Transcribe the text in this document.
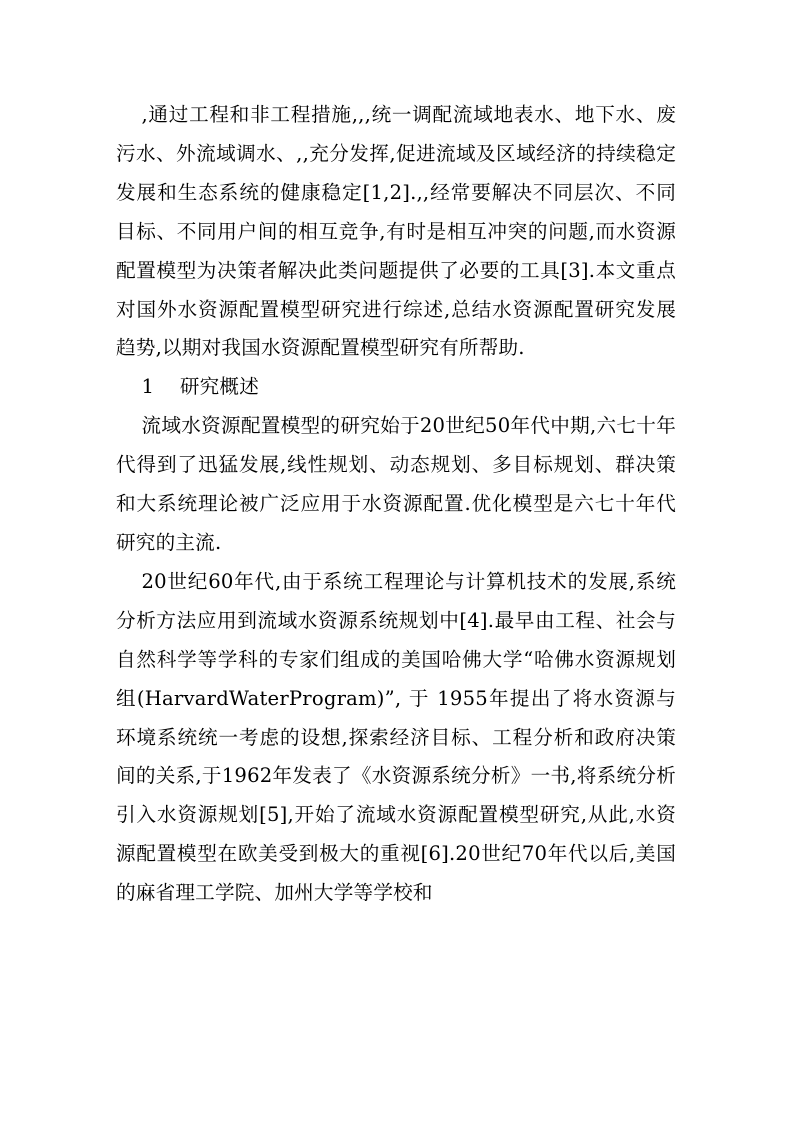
,通过工程和非工程措施,,,统一调配流域地表水、地下水、废污水、外流域调水、,,充分发挥,促进流域及区域经济的持续稳定发展和生态系统的健康稳定[1,2].,,经常要解决不同层次、不同目标、不同用户间的相互竞争,有时是相互冲突的问题,而水资源配置模型为决策者解决此类问题提供了必要的工具[3].本文重点对国外水资源配置模型研究进行综述,总结水资源配置研究发展趋势,以期对我国水资源配置模型研究有所帮助.

1    研究概述

流域水资源配置模型的研究始于20世纪50年代中期,六七十年代得到了迅猛发展,线性规划、动态规划、多目标规划、群决策和大系统理论被广泛应用于水资源配置.优化模型是六七十年代研究的主流.

20世纪60年代,由于系统工程理论与计算机技术的发展,系统分析方法应用到流域水资源系统规划中[4].最早由工程、社会与自然科学等学科的专家们组成的美国哈佛大学“哈佛水资源规划组(HarvardWaterProgram)”, 于 1955年提出了将水资源与环境系统统一考虑的设想,探索经济目标、工程分析和政府决策间的关系,于1962年发表了《水资源系统分析》一书,将系统分析引入水资源规划[5],开始了流域水资源配置模型研究,从此,水资源配置模型在欧美受到极大的重视[6].20世纪70年代以后,美国的麻省理工学院、加州大学等学校和
